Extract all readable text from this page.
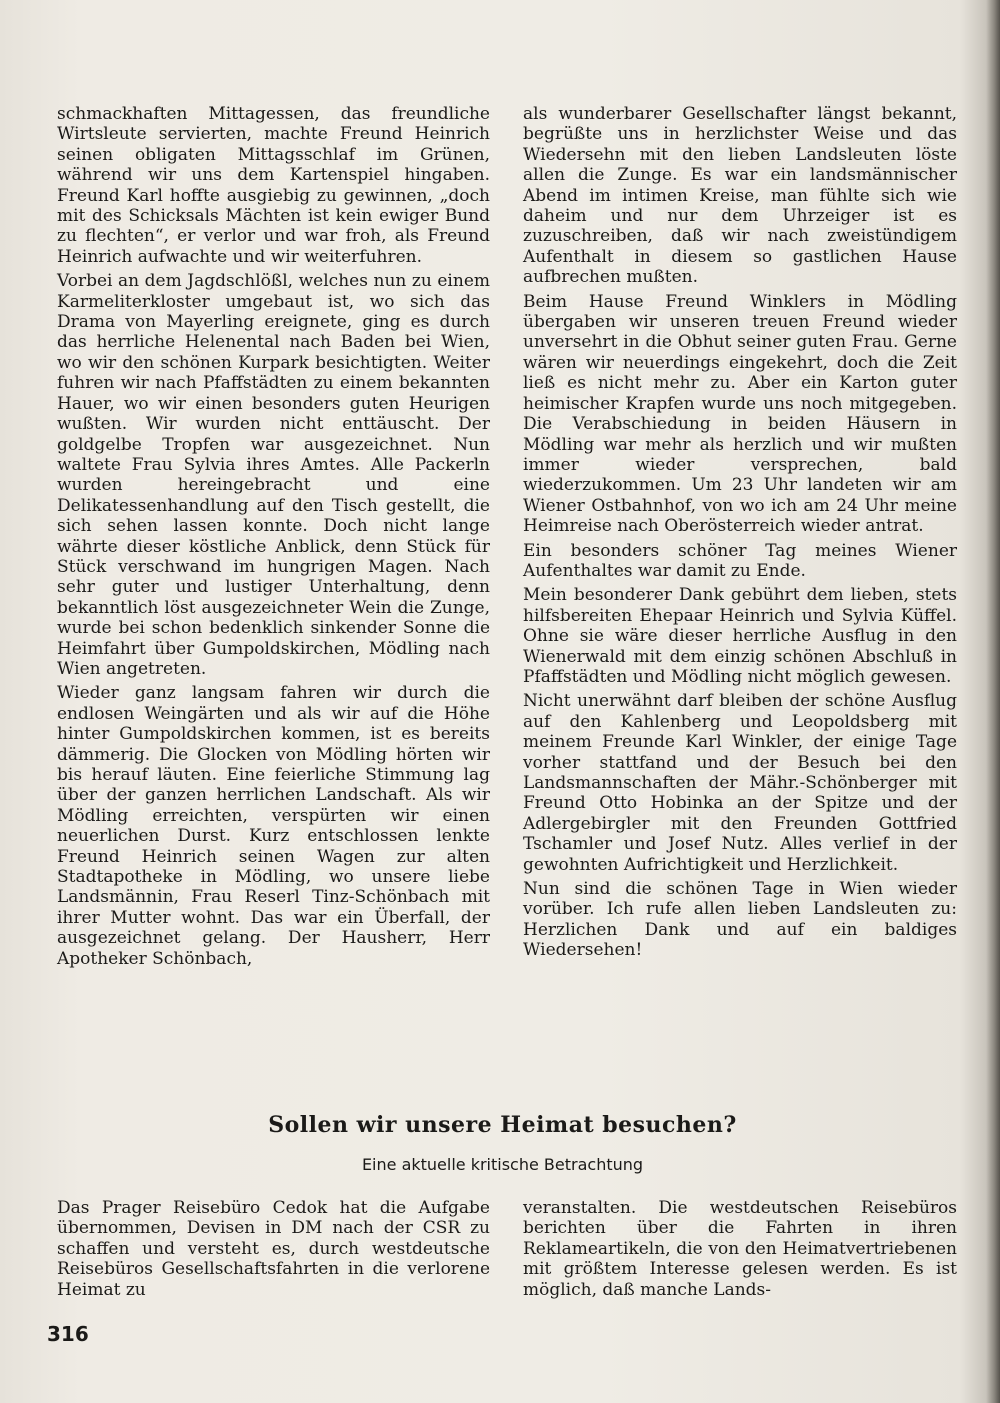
schmackhaften Mittagessen, das freundliche Wirtsleute servierten, machte Freund Heinrich seinen obligaten Mittagsschlaf im Grünen, während wir uns dem Kartenspiel hingaben. Freund Karl hoffte ausgiebig zu gewinnen, „doch mit des Schicksals Mächten ist kein ewiger Bund zu flechten“, er verlor und war froh, als Freund Heinrich aufwachte und wir weiterfuhren.

Vorbei an dem Jagdschlößl, welches nun zu einem Karmeliterkloster umgebaut ist, wo sich das Drama von Mayerling ereignete, ging es durch das herrliche Helenental nach Baden bei Wien, wo wir den schönen Kurpark besichtigten. Weiter fuhren wir nach Pfaffstädten zu einem bekannten Hauer, wo wir einen besonders guten Heurigen wußten. Wir wurden nicht enttäuscht. Der goldgelbe Tropfen war ausgezeichnet. Nun waltete Frau Sylvia ihres Amtes. Alle Packerln wurden hereingebracht und eine Delikatessenhandlung auf den Tisch gestellt, die sich sehen lassen konnte. Doch nicht lange währte dieser köstliche Anblick, denn Stück für Stück verschwand im hungrigen Magen. Nach sehr guter und lustiger Unterhaltung, denn bekanntlich löst ausgezeichneter Wein die Zunge, wurde bei schon bedenklich sinkender Sonne die Heimfahrt über Gumpoldskirchen, Mödling nach Wien angetreten.

Wieder ganz langsam fahren wir durch die endlosen Weingärten und als wir auf die Höhe hinter Gumpoldskirchen kommen, ist es bereits dämmerig. Die Glocken von Mödling hörten wir bis herauf läuten. Eine feierliche Stimmung lag über der ganzen herrlichen Landschaft. Als wir Mödling erreichten, verspürten wir einen neuerlichen Durst. Kurz entschlossen lenkte Freund Heinrich seinen Wagen zur alten Stadtapotheke in Mödling, wo unsere liebe Landsmännin, Frau Reserl Tinz-Schönbach mit ihrer Mutter wohnt. Das war ein Überfall, der ausgezeichnet gelang. Der Hausherr, Herr Apotheker Schönbach,

als wunderbarer Gesellschafter längst bekannt, begrüßte uns in herzlichster Weise und das Wiedersehn mit den lieben Landsleuten löste allen die Zunge. Es war ein landsmännischer Abend im intimen Kreise, man fühlte sich wie daheim und nur dem Uhrzeiger ist es zuzuschreiben, daß wir nach zweistündigem Aufenthalt in diesem so gastlichen Hause aufbrechen mußten.

Beim Hause Freund Winklers in Mödling übergaben wir unseren treuen Freund wieder unversehrt in die Obhut seiner guten Frau. Gerne wären wir neuerdings eingekehrt, doch die Zeit ließ es nicht mehr zu. Aber ein Karton guter heimischer Krapfen wurde uns noch mitgegeben. Die Verabschiedung in beiden Häusern in Mödling war mehr als herzlich und wir mußten immer wieder versprechen, bald wiederzukommen. Um 23 Uhr landeten wir am Wiener Ostbahnhof, von wo ich am 24 Uhr meine Heimreise nach Oberösterreich wieder antrat.

Ein besonders schöner Tag meines Wiener Aufenthaltes war damit zu Ende.

Mein besonderer Dank gebührt dem lieben, stets hilfsbereiten Ehepaar Heinrich und Sylvia Küffel. Ohne sie wäre dieser herrliche Ausflug in den Wienerwald mit dem einzig schönen Abschluß in Pfaffstädten und Mödling nicht möglich gewesen.

Nicht unerwähnt darf bleiben der schöne Ausflug auf den Kahlenberg und Leopoldsberg mit meinem Freunde Karl Winkler, der einige Tage vorher stattfand und der Besuch bei den Landsmannschaften der Mähr.-Schönberger mit Freund Otto Hobinka an der Spitze und der Adlergebirgler mit den Freunden Gottfried Tschamler und Josef Nutz. Alles verlief in der gewohnten Aufrichtigkeit und Herzlichkeit.

Nun sind die schönen Tage in Wien wieder vorüber. Ich rufe allen lieben Landsleuten zu: Herzlichen Dank und auf ein baldiges Wiedersehen!

Sollen wir unsere Heimat besuchen?

Eine aktuelle kritische Betrachtung

Das Prager Reisebüro Cedok hat die Aufgabe übernommen, Devisen in DM nach der CSR zu schaffen und versteht es, durch westdeutsche Reisebüros Gesellschaftsfahrten in die verlorene Heimat zu

veranstalten. Die westdeutschen Reisebüros berichten über die Fahrten in ihren Reklameartikeln, die von den Heimatvertriebenen mit größtem Interesse gelesen werden. Es ist möglich, daß manche Lands-

316
